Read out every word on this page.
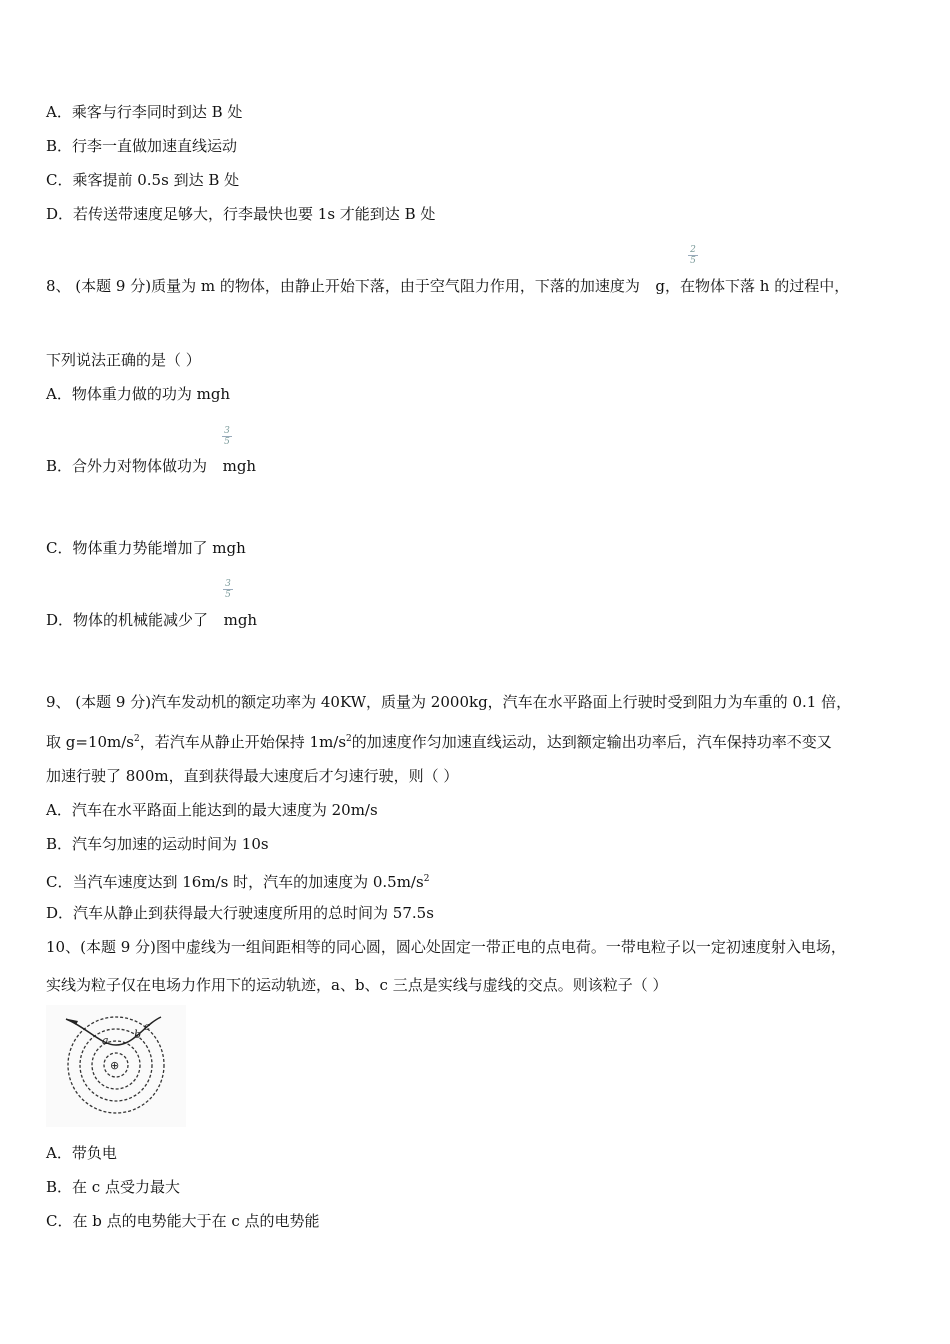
A．乘客与行李同时到达 B 处
B．行李一直做加速直线运动
C．乘客提前 0.5s 到达 B 处
D．若传送带速度足够大，行李最快也要 1s 才能到达 B 处
2
5
8、 (本题 9 分)质量为 m 的物体，由静止开始下落，由于空气阻力作用，下落的加速度为 g，在物体下落 h 的过程中，
下列说法正确的是（ ）
A．物体重力做的功为 mgh
3
5
B．合外力对物体做功为 mgh
C．物体重力势能增加了 mgh
3
5
D．物体的机械能减少了 mgh
9、 (本题 9 分)汽车发动机的额定功率为 40KW，质量为 2000kg，汽车在水平路面上行驶时受到阻力为车重的 0.1 倍，
取 $g=10m/s^2$，若汽车从静止开始保持 $1m/s^2$的加速度作匀加速直线运动，达到额定输出功率后，汽车保持功率不变又
加速行驶了 800m，直到获得最大速度后才匀速行驶，则（ ）
A．汽车在水平路面上能达到的最大速度为 20m/s
B．汽车匀加速的运动时间为 10s
C．当汽车速度达到 16m/s 时，汽车的加速度为 $0.5m/s^2$
D．汽车从静止到获得最大行驶速度所用的总时间为 57.5s
10、(本题 9 分)图中虚线为一组间距相等的同心圆，圆心处固定一带正电的点电荷。一带电粒子以一定初速度射入电场，
实线为粒子仅在电场力作用下的运动轨迹，a、b、c 三点是实线与虚线的交点。则该粒子（ ）
a b
c
⊕
A．带负电
B．在 c 点受力最大
C．在 b 点的电势能大于在 c 点的电势能
